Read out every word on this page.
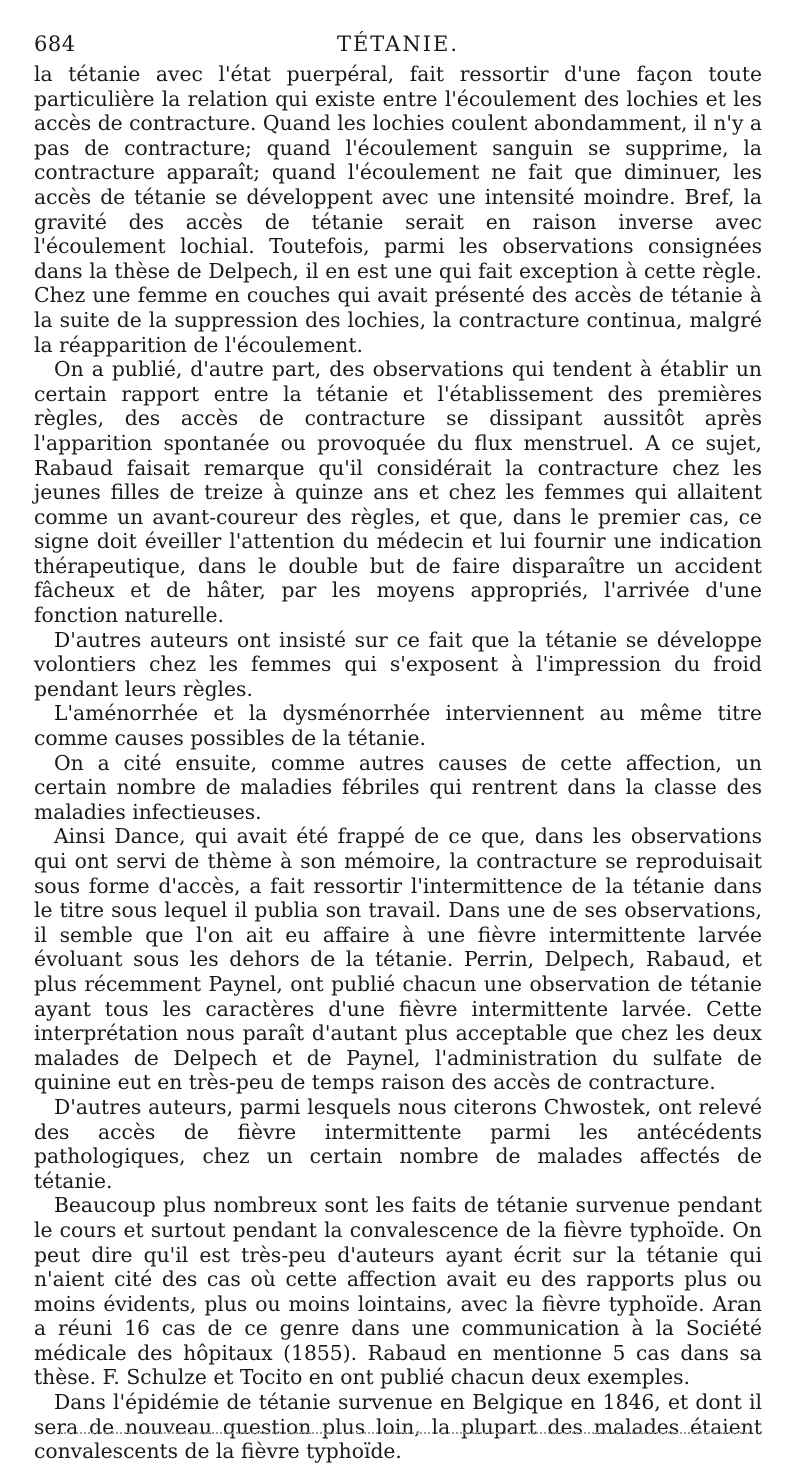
684	TÉTANIE.

la tétanie avec l'état puerpéral, fait ressortir d'une façon toute particulière la relation qui existe entre l'écoulement des lochies et les accès de contracture. Quand les lochies coulent abondamment, il n'y a pas de contracture; quand l'écoulement sanguin se supprime, la contracture apparaît; quand l'écoulement ne fait que diminuer, les accès de tétanie se développent avec une intensité moindre. Bref, la gravité des accès de tétanie serait en raison inverse avec l'écoulement lochial. Toutefois, parmi les observations consignées dans la thèse de Delpech, il en est une qui fait exception à cette règle. Chez une femme en couches qui avait présenté des accès de tétanie à la suite de la suppression des lochies, la contracture continua, malgré la réapparition de l'écoulement.

On a publié, d'autre part, des observations qui tendent à établir un certain rapport entre la tétanie et l'établissement des premières règles, des accès de contracture se dissipant aussitôt après l'apparition spontanée ou provoquée du flux menstruel. A ce sujet, Rabaud faisait remarque qu'il considérait la contracture chez les jeunes filles de treize à quinze ans et chez les femmes qui allaitent comme un avant-coureur des règles, et que, dans le premier cas, ce signe doit éveiller l'attention du médecin et lui fournir une indication thérapeutique, dans le double but de faire disparaître un accident fâcheux et de hâter, par les moyens appropriés, l'arrivée d'une fonction naturelle.

D'autres auteurs ont insisté sur ce fait que la tétanie se développe volontiers chez les femmes qui s'exposent à l'impression du froid pendant leurs règles.

L'aménorrhée et la dysménorrhée interviennent au même titre comme causes possibles de la tétanie.

On a cité ensuite, comme autres causes de cette affection, un certain nombre de maladies fébriles qui rentrent dans la classe des maladies infectieuses.

Ainsi Dance, qui avait été frappé de ce que, dans les observations qui ont servi de thème à son mémoire, la contracture se reproduisait sous forme d'accès, a fait ressortir l'intermittence de la tétanie dans le titre sous lequel il publia son travail. Dans une de ses observations, il semble que l'on ait eu affaire à une fièvre intermittente larvée évoluant sous les dehors de la tétanie. Perrin, Delpech, Rabaud, et plus récemment Paynel, ont publié chacun une observation de tétanie ayant tous les caractères d'une fièvre intermittente larvée. Cette interprétation nous paraît d'autant plus acceptable que chez les deux malades de Delpech et de Paynel, l'administration du sulfate de quinine eut en très-peu de temps raison des accès de contracture.

D'autres auteurs, parmi lesquels nous citerons Chwostek, ont relevé des accès de fièvre intermittente parmi les antécédents pathologiques, chez un certain nombre de malades affectés de tétanie.

Beaucoup plus nombreux sont les faits de tétanie survenue pendant le cours et surtout pendant la convalescence de la fièvre typhoïde. On peut dire qu'il est très-peu d'auteurs ayant écrit sur la tétanie qui n'aient cité des cas où cette affection avait eu des rapports plus ou moins évidents, plus ou moins lointains, avec la fièvre typhoïde. Aran a réuni 16 cas de ce genre dans une communication à la Société médicale des hôpitaux (1855). Rabaud en mentionne 5 cas dans sa thèse. F. Schulze et Tocito en ont publié chacun deux exemples.

Dans l'épidémie de tétanie survenue en Belgique en 1846, et dont il sera de nouveau question plus loin, la plupart des malades étaient convalescents de la fièvre typhoïde.
